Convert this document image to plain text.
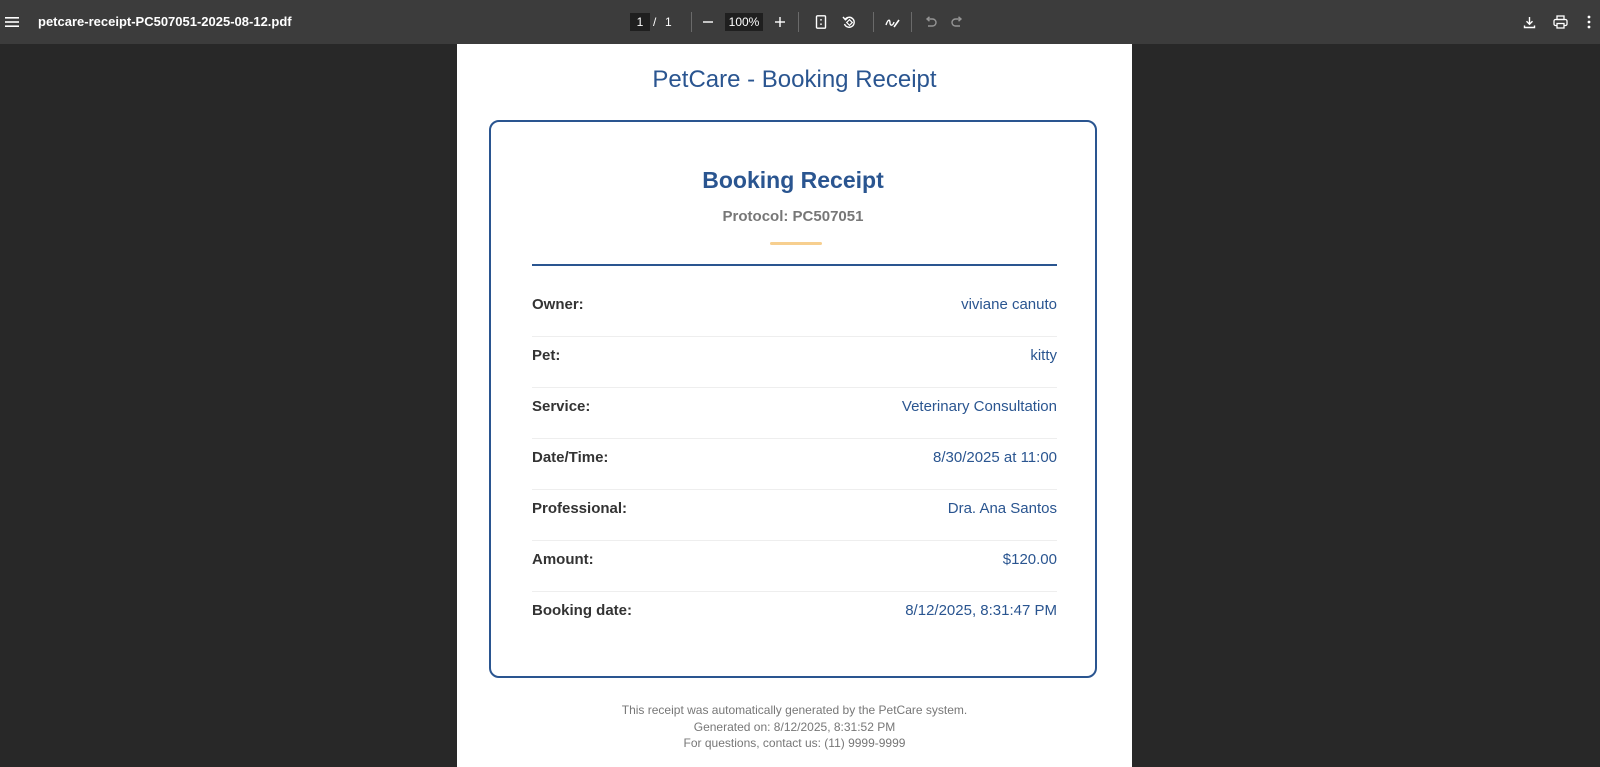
petcare-receipt-PC507051-2025-08-12.pdf	1 / 1	100%
PetCare - Booking Receipt
Booking Receipt
Protocol: PC507051
Owner:	viviane canuto
Pet:	kitty
Service:	Veterinary Consultation
Date/Time:	8/30/2025 at 11:00
Professional:	Dra. Ana Santos
Amount:	$120.00
Booking date:	8/12/2025, 8:31:47 PM
This receipt was automatically generated by the PetCare system.
Generated on: 8/12/2025, 8:31:52 PM
For questions, contact us: (11) 9999-9999
